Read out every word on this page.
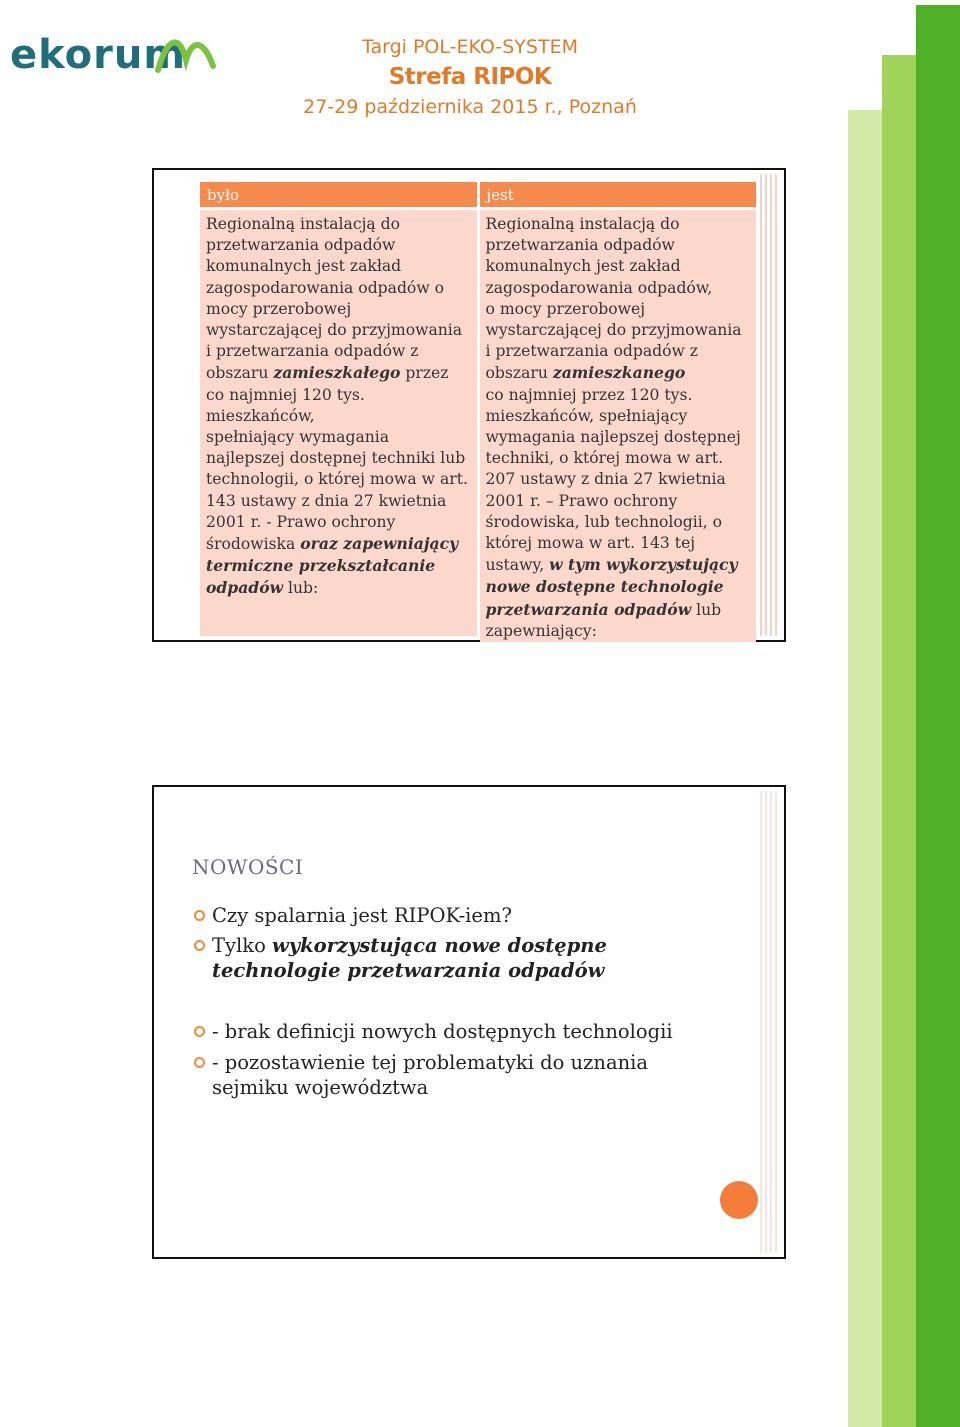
ekorum	Targi POL-EKO-SYSTEM
Strefa RIPOK
27-29 października 2015 r., Poznań
było
Regionalną instalacją do
przetwarzania odpadów
komunalnych jest zakład
zagospodarowania odpadów o
mocy przerobowej
wystarczającej do przyjmowania
i przetwarzania odpadów z
obszaru zamieszkałego przez
co najmniej 120 tys.
mieszkańców,
spełniający wymagania
najlepszej dostępnej techniki lub
technologii, o której mowa w art.
143 ustawy z dnia 27 kwietnia
2001 r. - Prawo ochrony
środowiska oraz zapewniający
termiczne przekształcanie
odpadów lub:
jest
Regionalną instalacją do
przetwarzania odpadów
komunalnych jest zakład
zagospodarowania odpadów,
o mocy przerobowej
wystarczającej do przyjmowania
i przetwarzania odpadów z
obszaru zamieszkanego
co najmniej przez 120 tys.
mieszkańców, spełniający
wymagania najlepszej dostępnej
techniki, o której mowa w art.
207 ustawy z dnia 27 kwietnia
2001 r. – Prawo ochrony
środowiska, lub technologii, o
której mowa w art. 143 tej
ustawy, w tym wykorzystujący
nowe dostępne technologie
przetwarzania odpadów lub
zapewniający:
NOWOŚCI
Czy spalarnia jest RIPOK-iem?
Tylko wykorzystująca nowe dostępne
technologie przetwarzania odpadów
- brak definicji nowych dostępnych technologii
- pozostawienie tej problematyki do uznania
sejmiku województwa
